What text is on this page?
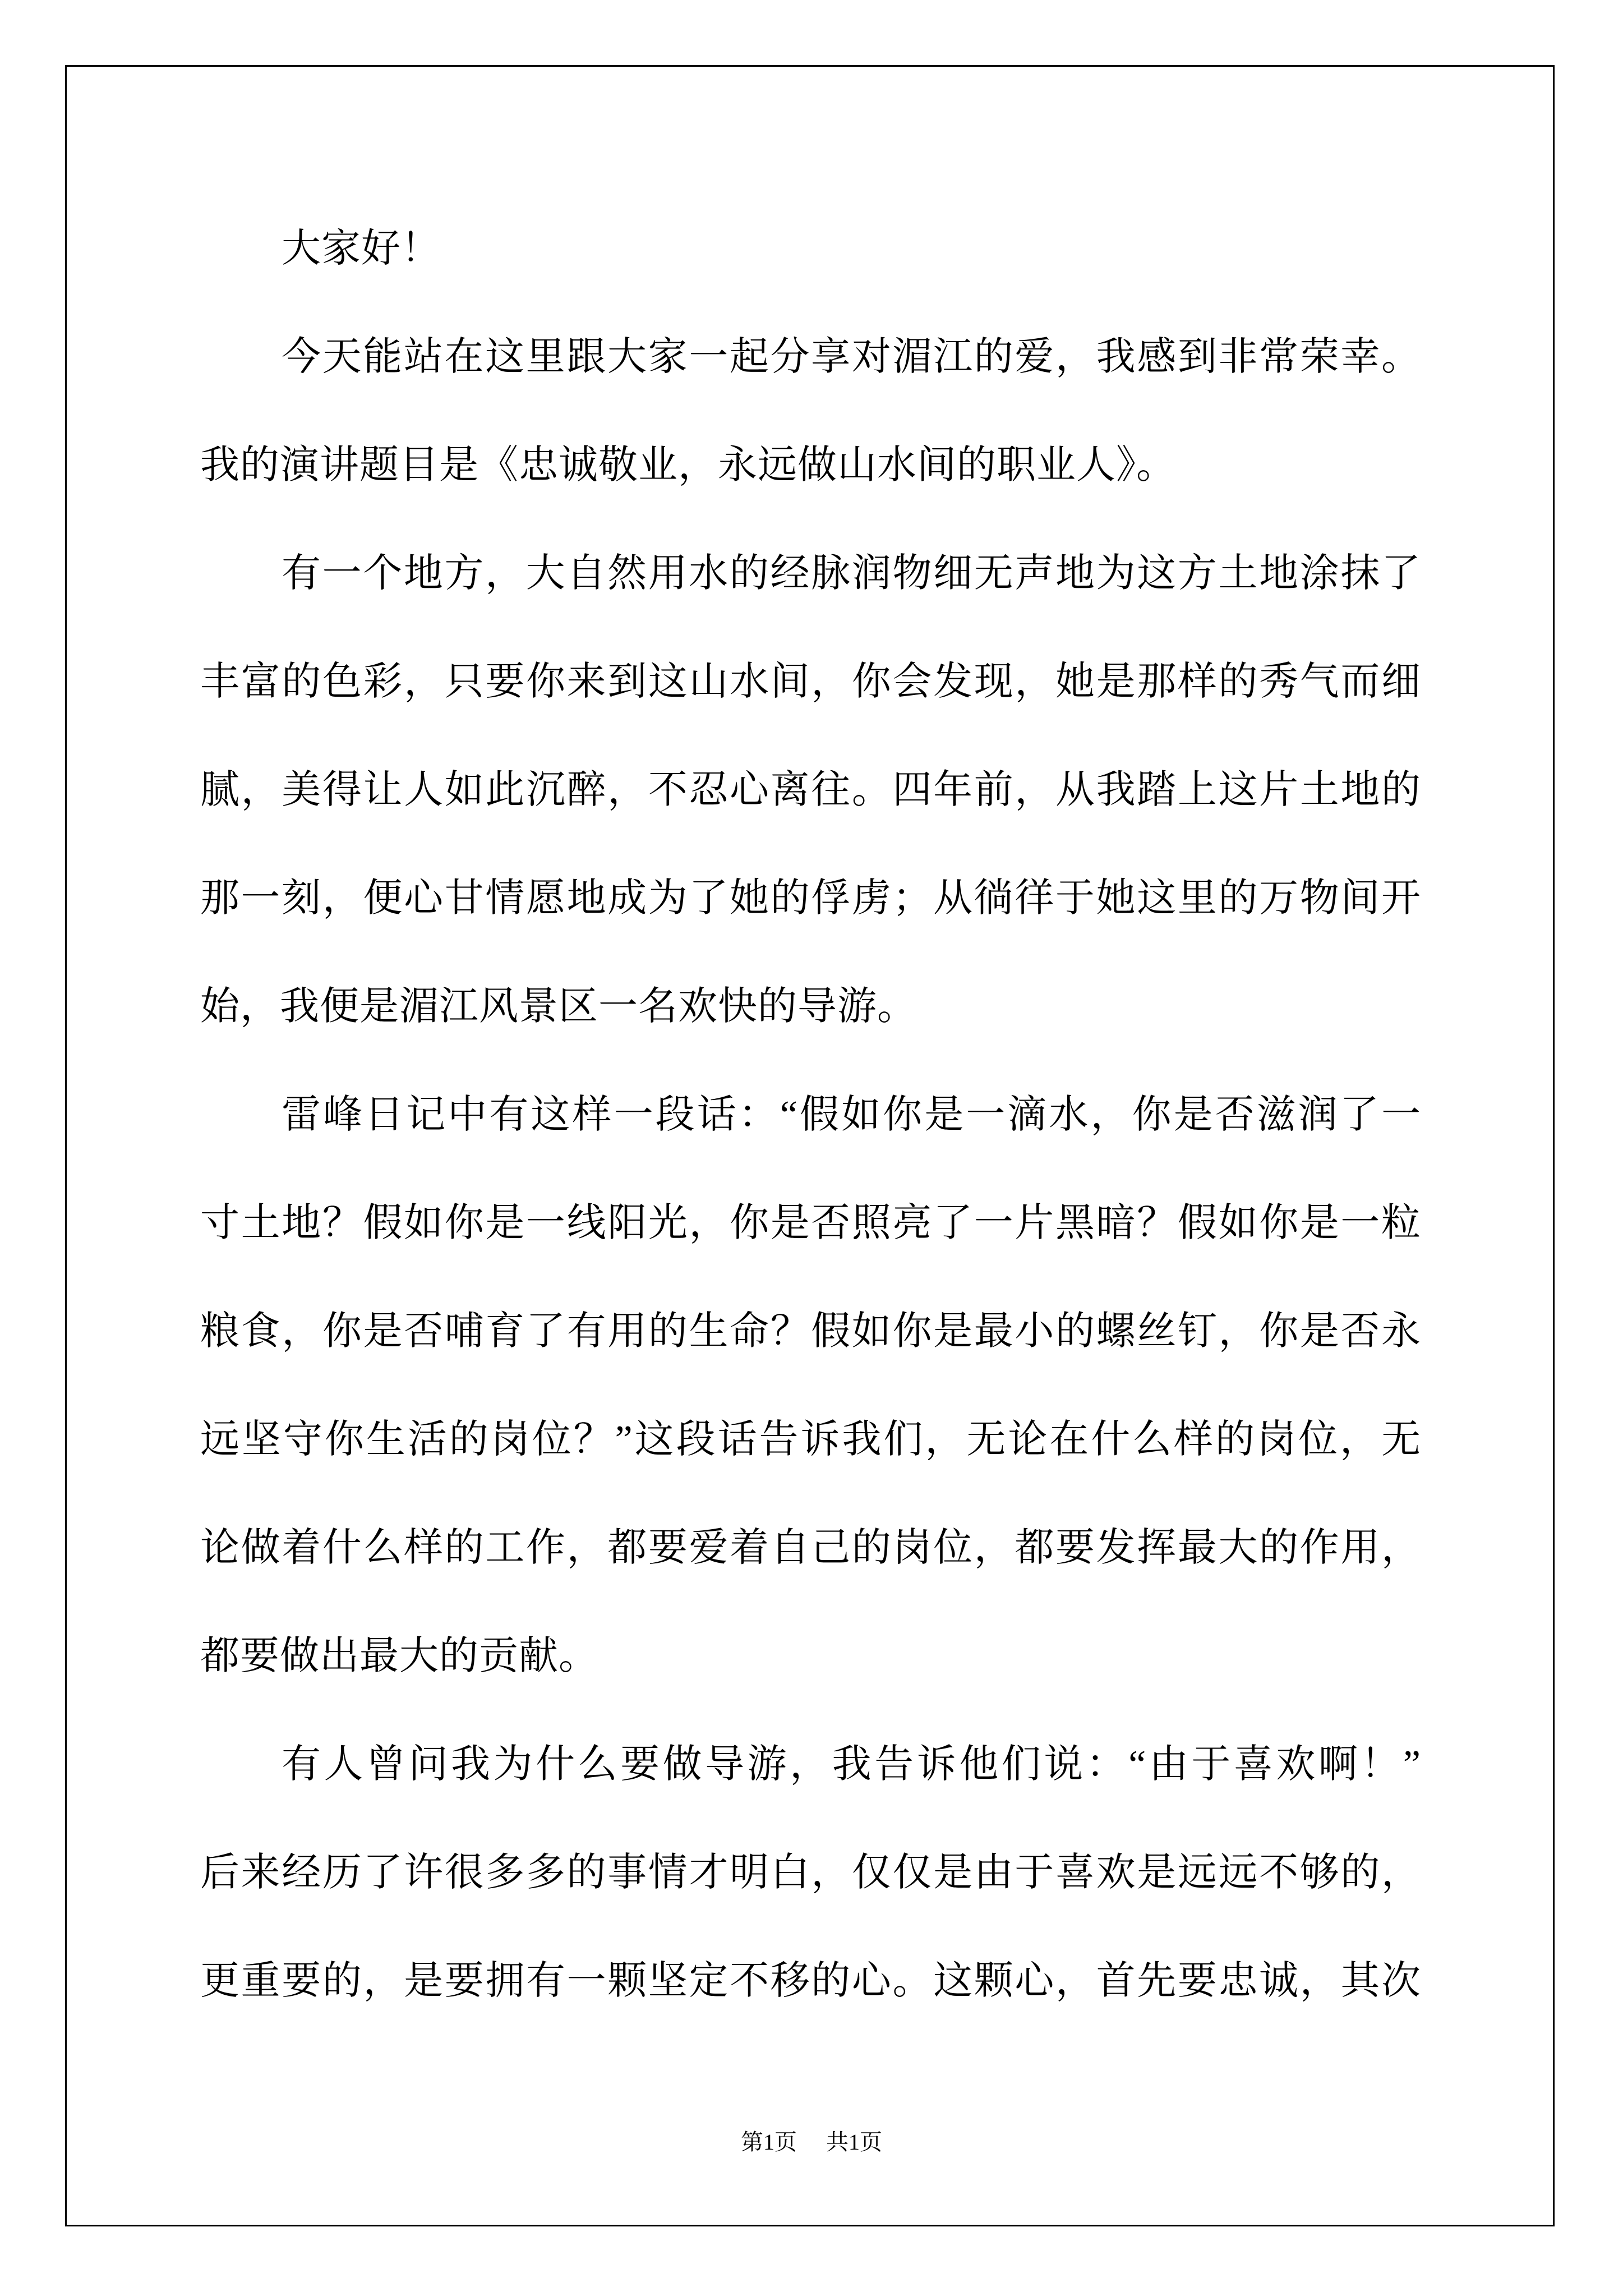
大家好！
今天能站在这里跟大家一起分享对湄江的爱，我感到非常荣幸。
我的演讲题目是《忠诚敬业，永远做山水间的职业人》。
有一个地方，大自然用水的经脉润物细无声地为这方土地涂抹了
丰富的色彩，只要你来到这山水间，你会发现，她是那样的秀气而细
腻，美得让人如此沉醉，不忍心离往。四年前，从我踏上这片土地的
那一刻，便心甘情愿地成为了她的俘虏；从徜徉于她这里的万物间开
始，我便是湄江风景区一名欢快的导游。
雷峰日记中有这样一段话：“假如你是一滴水，你是否滋润了一
寸土地？假如你是一线阳光，你是否照亮了一片黑暗？假如你是一粒
粮食，你是否哺育了有用的生命？假如你是最小的螺丝钉，你是否永
远坚守你生活的岗位？”这段话告诉我们，无论在什么样的岗位，无
论做着什么样的工作，都要爱着自己的岗位，都要发挥最大的作用，
都要做出最大的贡献。
有人曾问我为什么要做导游，我告诉他们说：“由于喜欢啊！”
后来经历了许很多多的事情才明白，仅仅是由于喜欢是远远不够的，
更重要的，是要拥有一颗坚定不移的心。这颗心，首先要忠诚，其次
第1页 共1页
